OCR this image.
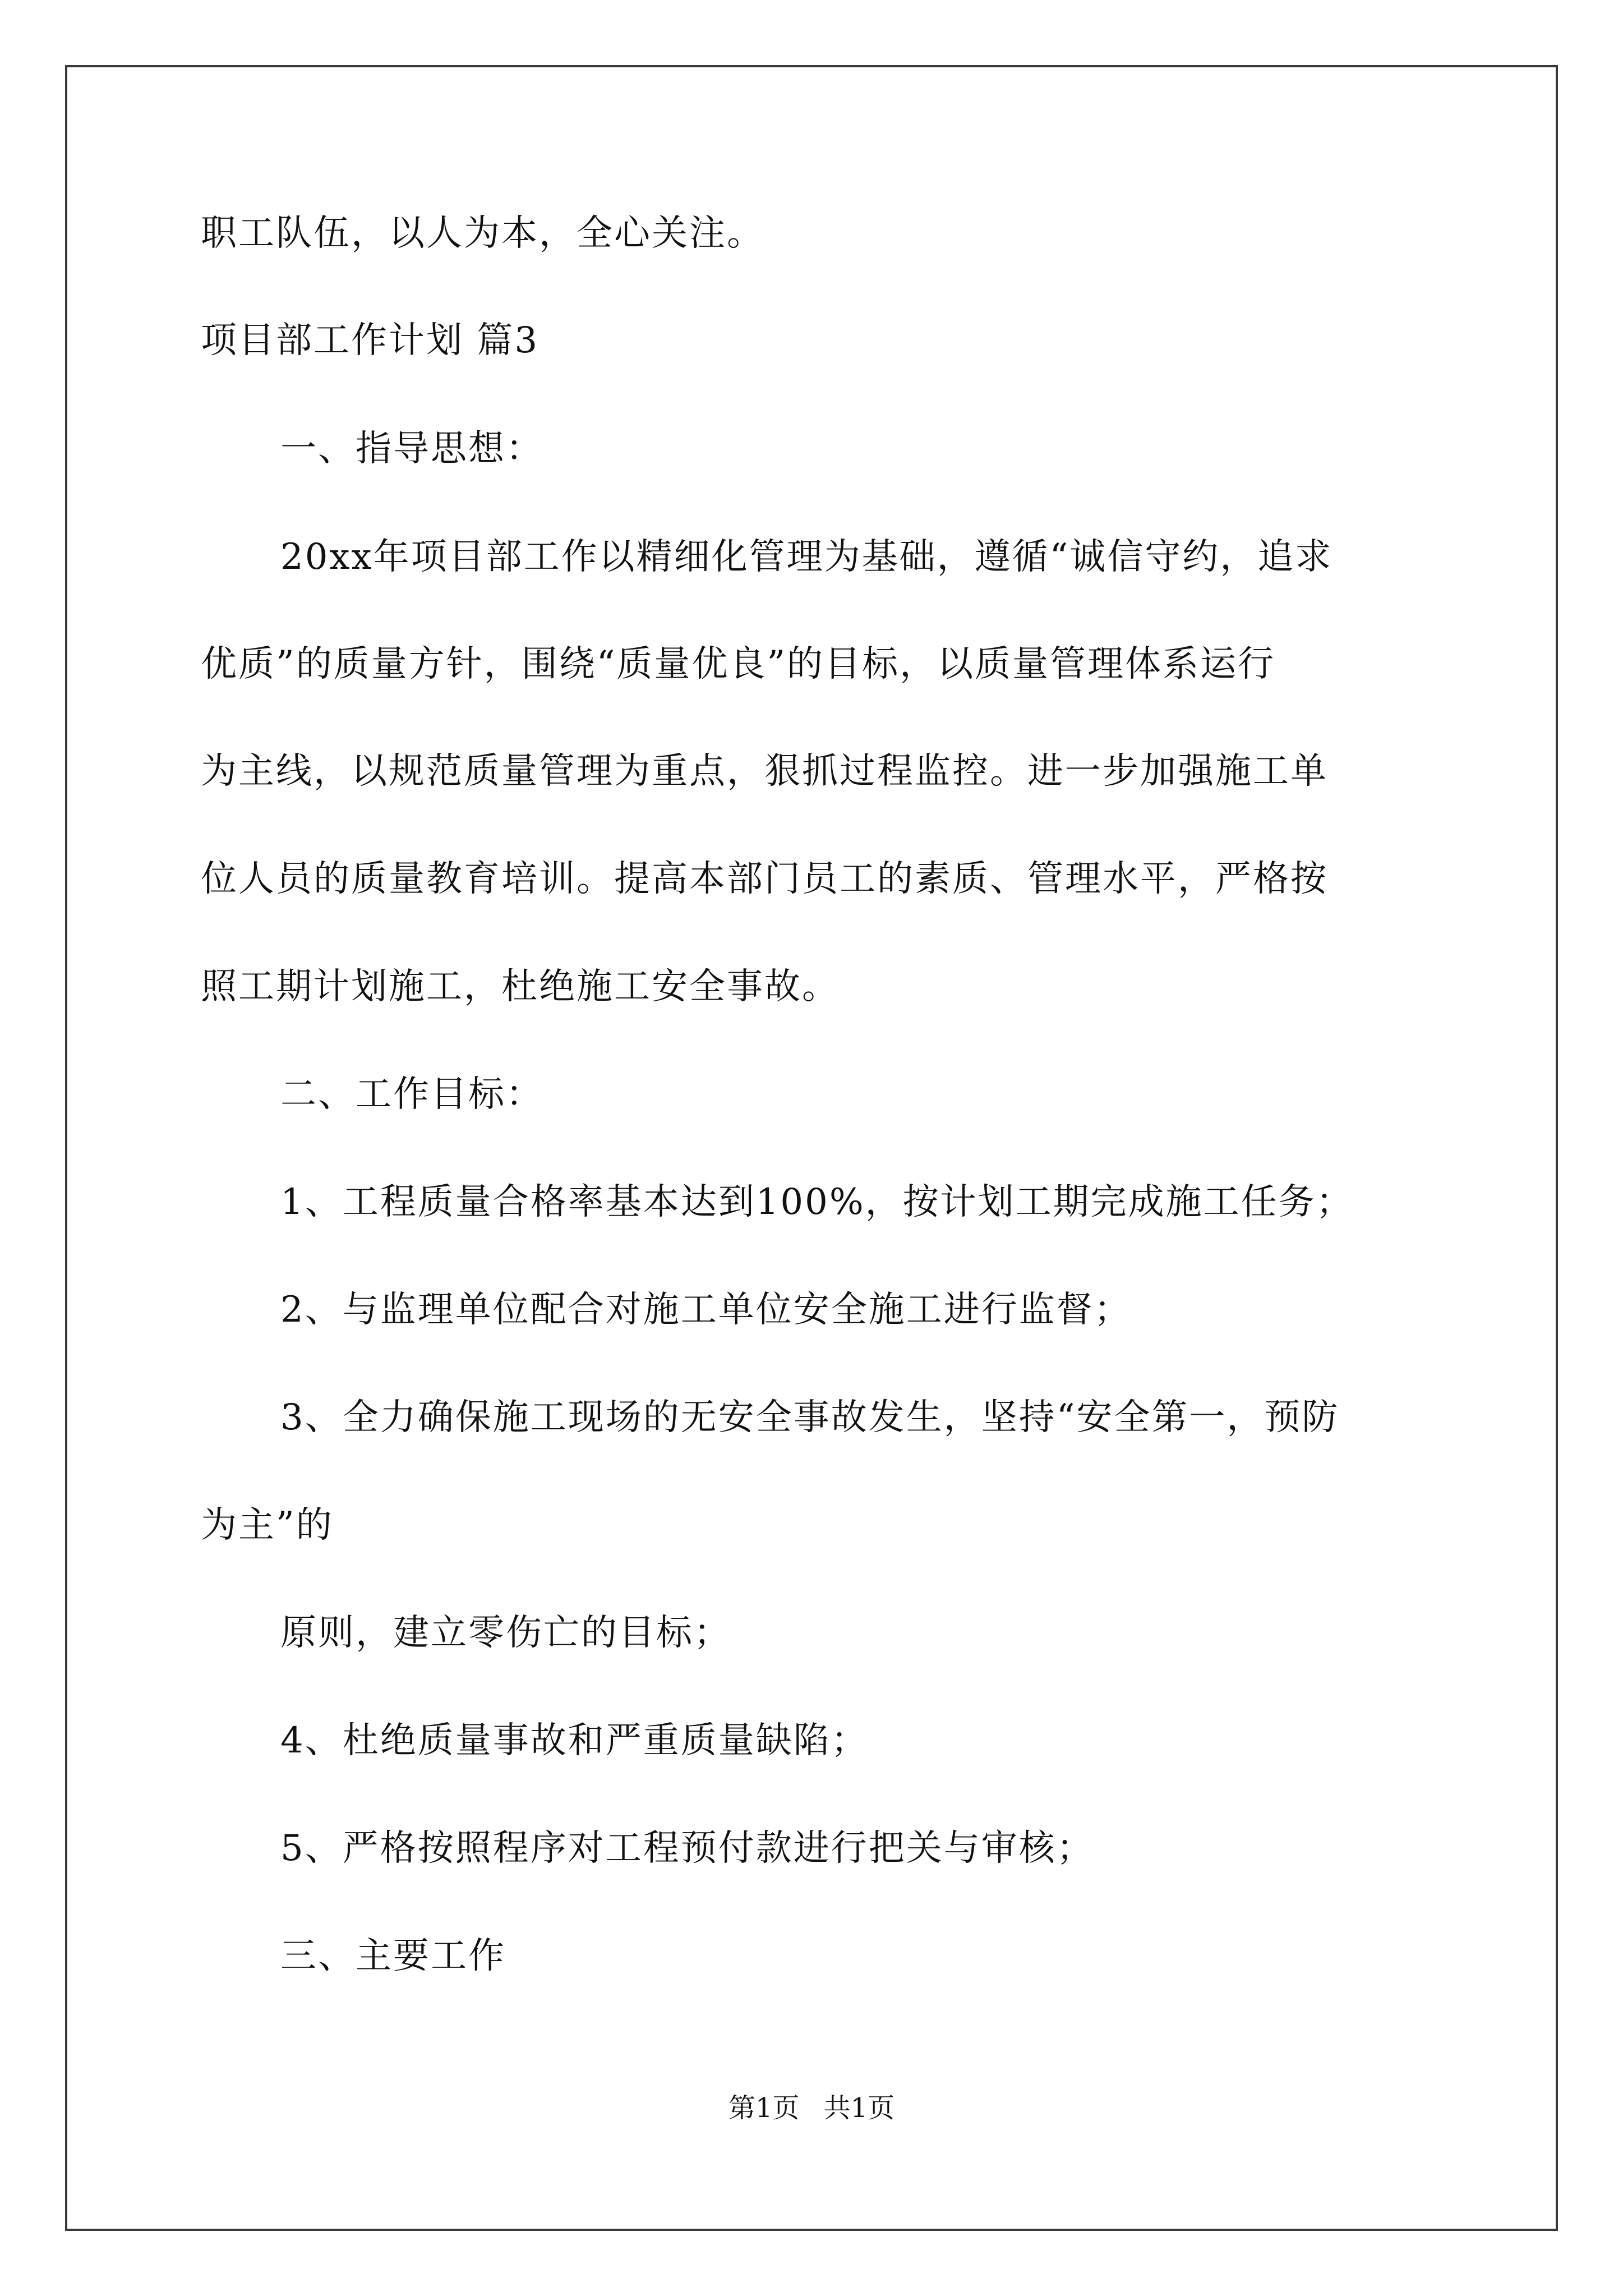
职工队伍，以人为本，全心关注。
项目部工作计划 篇3
一、指导思想：
20xx年项目部工作以精细化管理为基础，遵循“诚信守约，追求
优质”的质量方针，围绕“质量优良”的目标，以质量管理体系运行
为主线，以规范质量管理为重点，狠抓过程监控。进一步加强施工单
位人员的质量教育培训。提高本部门员工的素质、管理水平，严格按
照工期计划施工，杜绝施工安全事故。
二、工作目标：
1、工程质量合格率基本达到100%，按计划工期完成施工任务；
2、与监理单位配合对施工单位安全施工进行监督；
3、全力确保施工现场的无安全事故发生，坚持“安全第一，预防
为主”的
原则，建立零伤亡的目标；
4、杜绝质量事故和严重质量缺陷；
5、严格按照程序对工程预付款进行把关与审核；
三、主要工作
第1页 共1页
